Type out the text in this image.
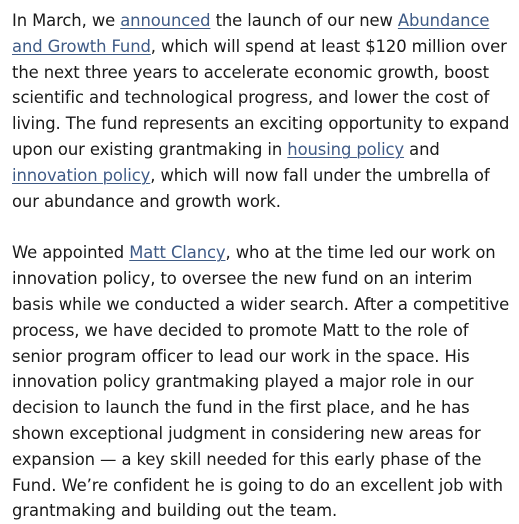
In March, we announced the launch of our new Abundance and Growth Fund, which will spend at least $120 million over the next three years to accelerate economic growth, boost scientific and technological progress, and lower the cost of living. The fund represents an exciting opportunity to expand upon our existing grantmaking in housing policy and innovation policy, which will now fall under the umbrella of our abundance and growth work.

We appointed Matt Clancy, who at the time led our work on innovation policy, to oversee the new fund on an interim basis while we conducted a wider search. After a competitive process, we have decided to promote Matt to the role of senior program officer to lead our work in the space. His innovation policy grantmaking played a major role in our decision to launch the fund in the first place, and he has shown exceptional judgment in considering new areas for expansion — a key skill needed for this early phase of the Fund. We’re confident he is going to do an excellent job with grantmaking and building out the team.
